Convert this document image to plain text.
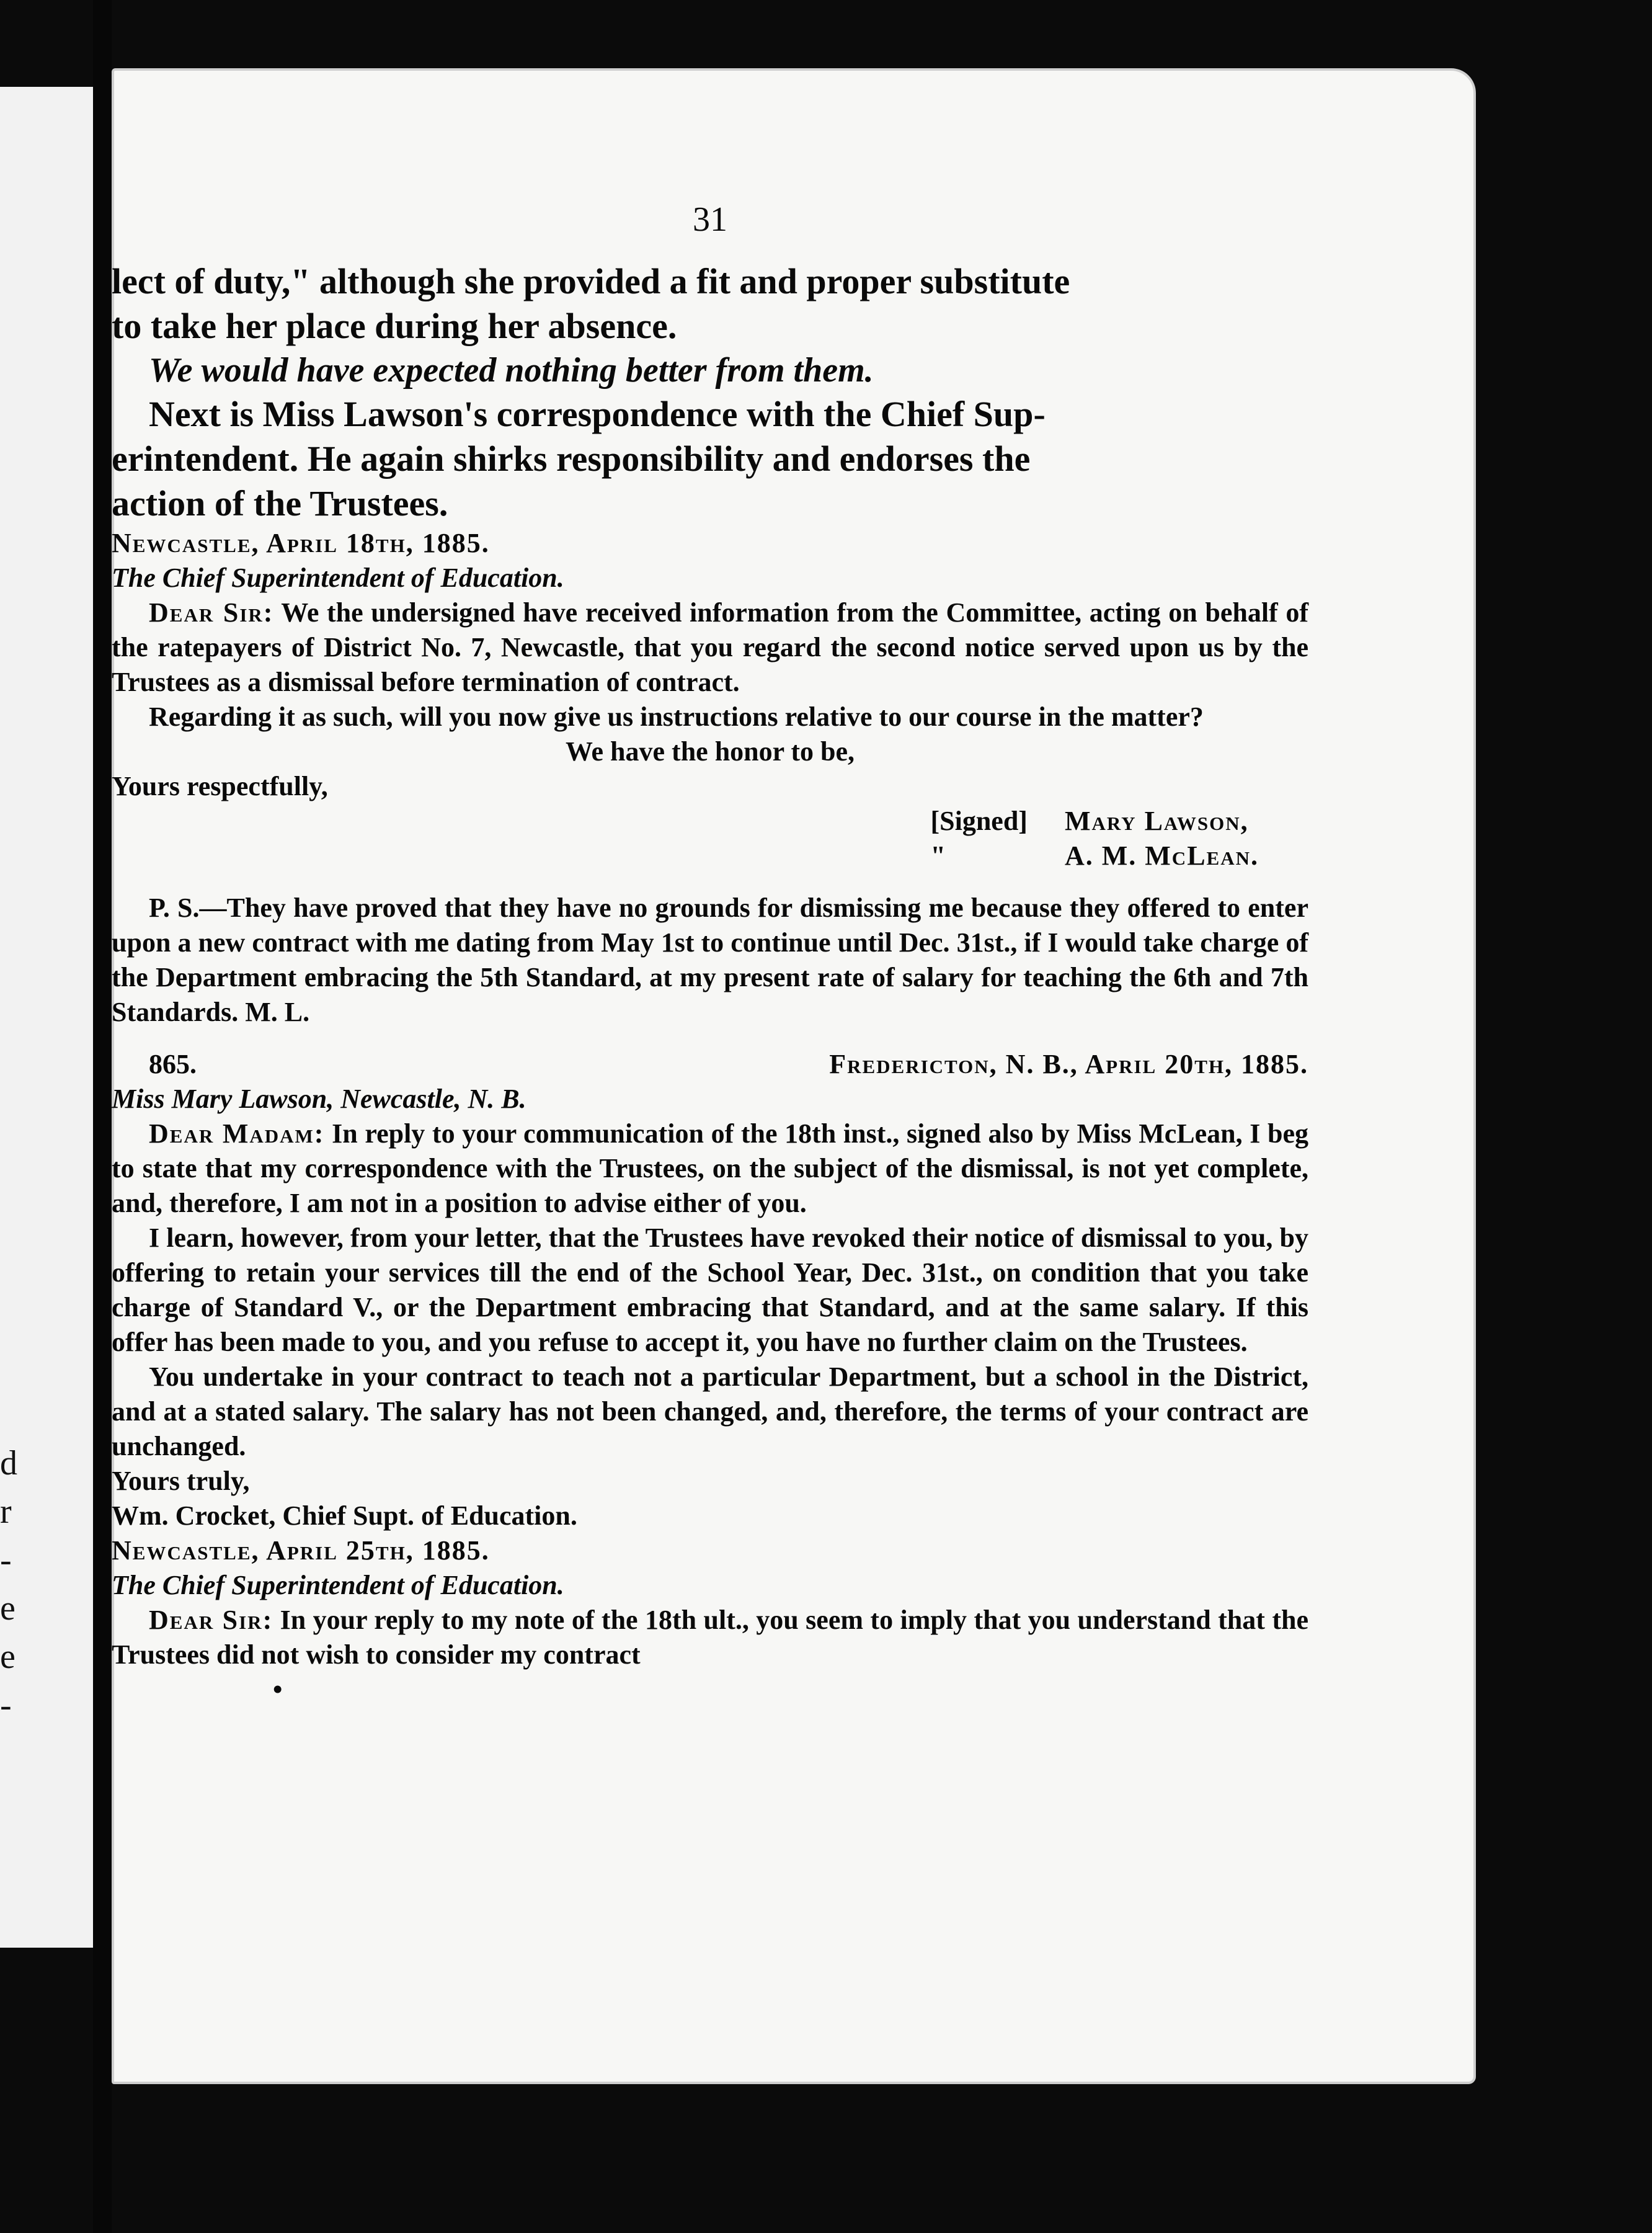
d
r
-
e
e
-
31

lect of duty," although she provided a fit and proper substitute

to take her place during her absence.

We would have expected nothing better from them.

Next is Miss Lawson's correspondence with the Chief Sup-

erintendent. He again shirks responsibility and endorses the

action of the Trustees.

Newcastle, April 18th, 1885.

The Chief Superintendent of Education.

Dear Sir: We the undersigned have received information from the Committee, acting on behalf of the ratepayers of District No. 7, Newcastle, that you regard the second notice served upon us by the Trustees as a dismissal before termination of contract.

Regarding it as such, will you now give us instructions relative to our course in the matter?

We have the honor to be,

Yours respectfully,

[Signed]
"
Mary Lawson,
A. M. McLean.

P. S.—They have proved that they have no grounds for dismissing me because they offered to enter upon a new contract with me dating from May 1st to continue until Dec. 31st., if I would take charge of the Department embracing the 5th Standard, at my present rate of salary for teaching the 6th and 7th Standards. M. L.

865.	Fredericton, N. B., April 20th, 1885.

Miss Mary Lawson, Newcastle, N. B.

Dear Madam: In reply to your communication of the 18th inst., signed also by Miss McLean, I beg to state that my correspondence with the Trustees, on the subject of the dismissal, is not yet complete, and, therefore, I am not in a position to advise either of you.

I learn, however, from your letter, that the Trustees have revoked their notice of dismissal to you, by offering to retain your services till the end of the School Year, Dec. 31st., on condition that you take charge of Standard V., or the Department embracing that Standard, and at the same salary. If this offer has been made to you, and you refuse to accept it, you have no further claim on the Trustees.

You undertake in your contract to teach not a particular Department, but a school in the District, and at a stated salary. The salary has not been changed, and, therefore, the terms of your contract are unchanged.

Yours truly,

Wm. Crocket, Chief Supt. of Education.

Newcastle, April 25th, 1885.

The Chief Superintendent of Education.

Dear Sir: In your reply to my note of the 18th ult., you seem to imply that you understand that the Trustees did not wish to consider my contract

•
